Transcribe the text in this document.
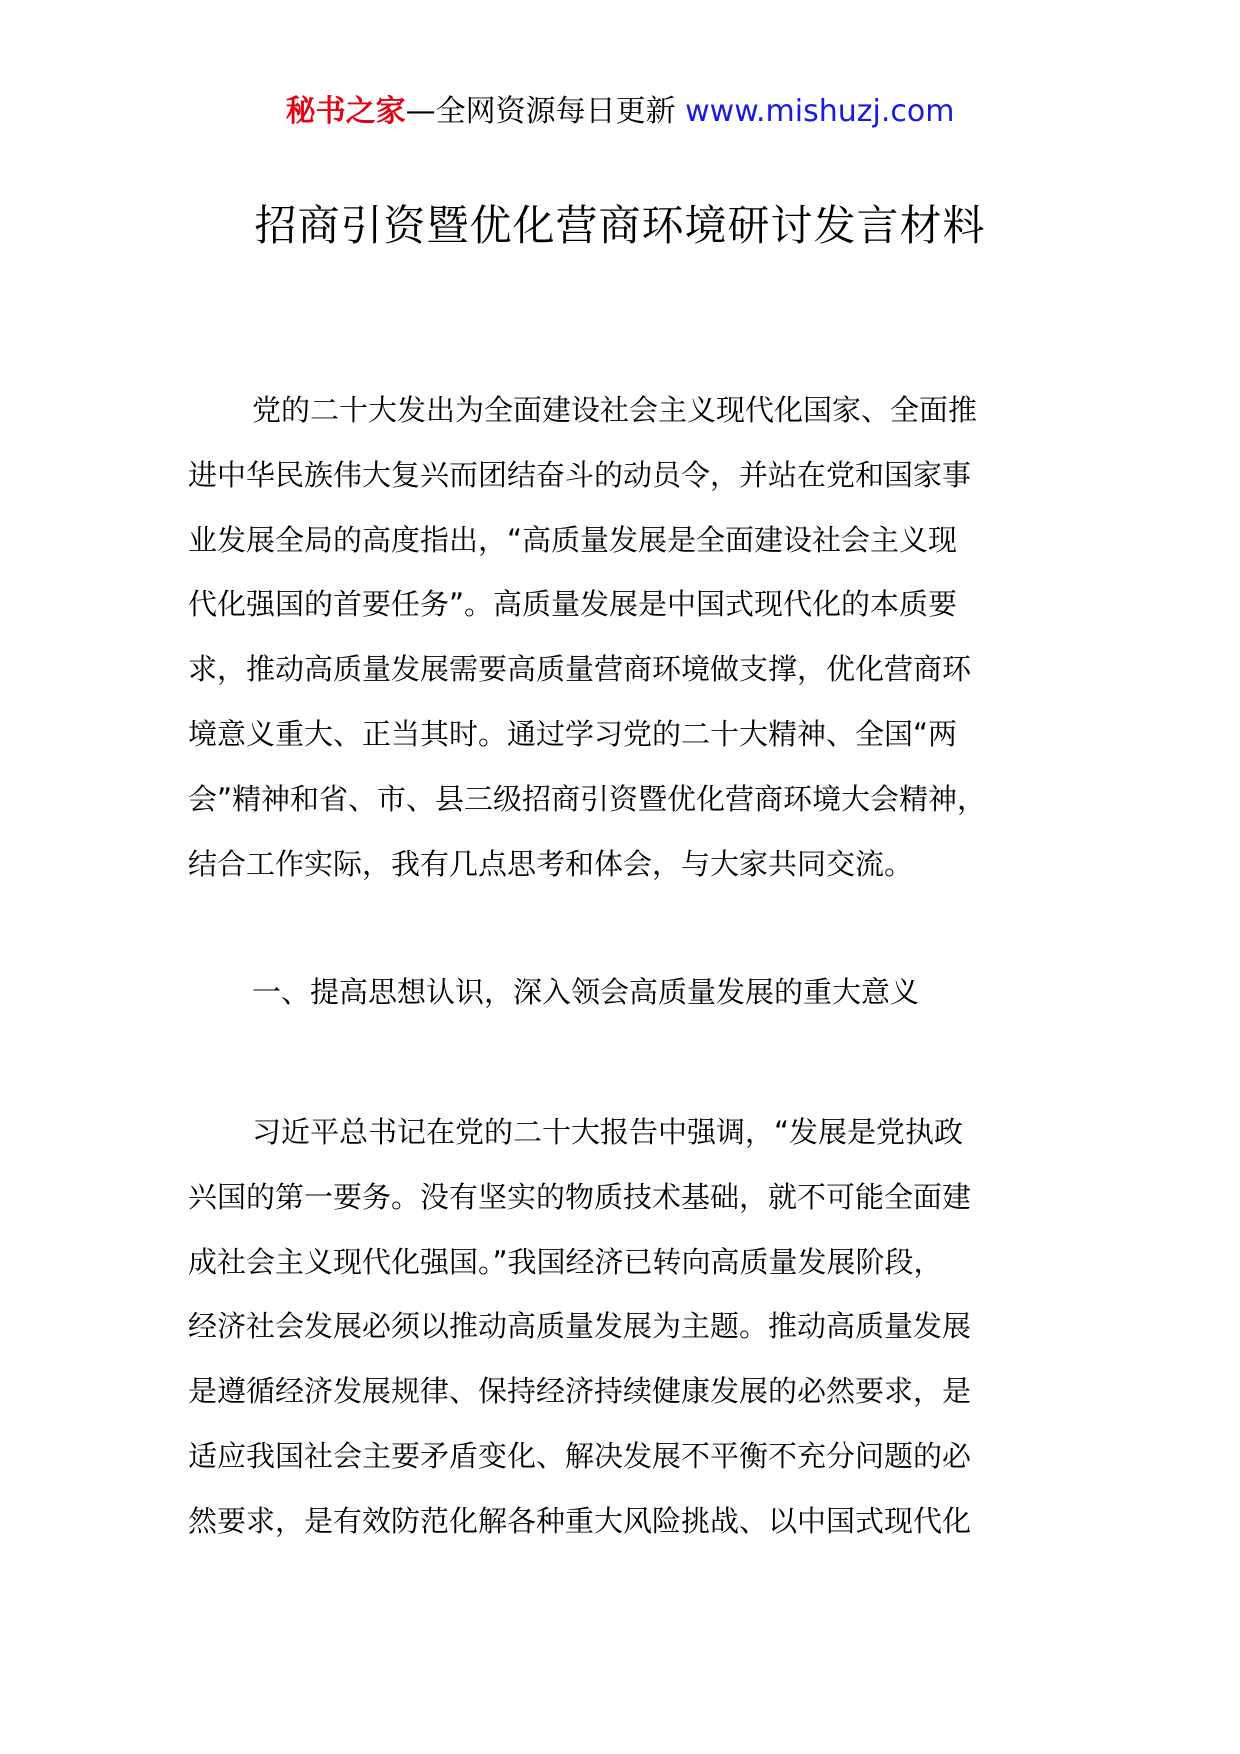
秘书之家—全网资源每日更新 www.mishuzj.com
招商引资暨优化营商环境研讨发言材料
党的二十大发出为全面建设社会主义现代化国家、全面推
进中华民族伟大复兴而团结奋斗的动员令，并站在党和国家事
业发展全局的高度指出，“高质量发展是全面建设社会主义现
代化强国的首要任务”。高质量发展是中国式现代化的本质要
求，推动高质量发展需要高质量营商环境做支撑，优化营商环
境意义重大、正当其时。通过学习党的二十大精神、全国“两
会”精神和省、市、县三级招商引资暨优化营商环境大会精神，
结合工作实际，我有几点思考和体会，与大家共同交流。
一、提高思想认识，深入领会高质量发展的重大意义
习近平总书记在党的二十大报告中强调，“发展是党执政
兴国的第一要务。没有坚实的物质技术基础，就不可能全面建
成社会主义现代化强国。”我国经济已转向高质量发展阶段，
经济社会发展必须以推动高质量发展为主题。推动高质量发展
是遵循经济发展规律、保持经济持续健康发展的必然要求，是
适应我国社会主要矛盾变化、解决发展不平衡不充分问题的必
然要求，是有效防范化解各种重大风险挑战、以中国式现代化
